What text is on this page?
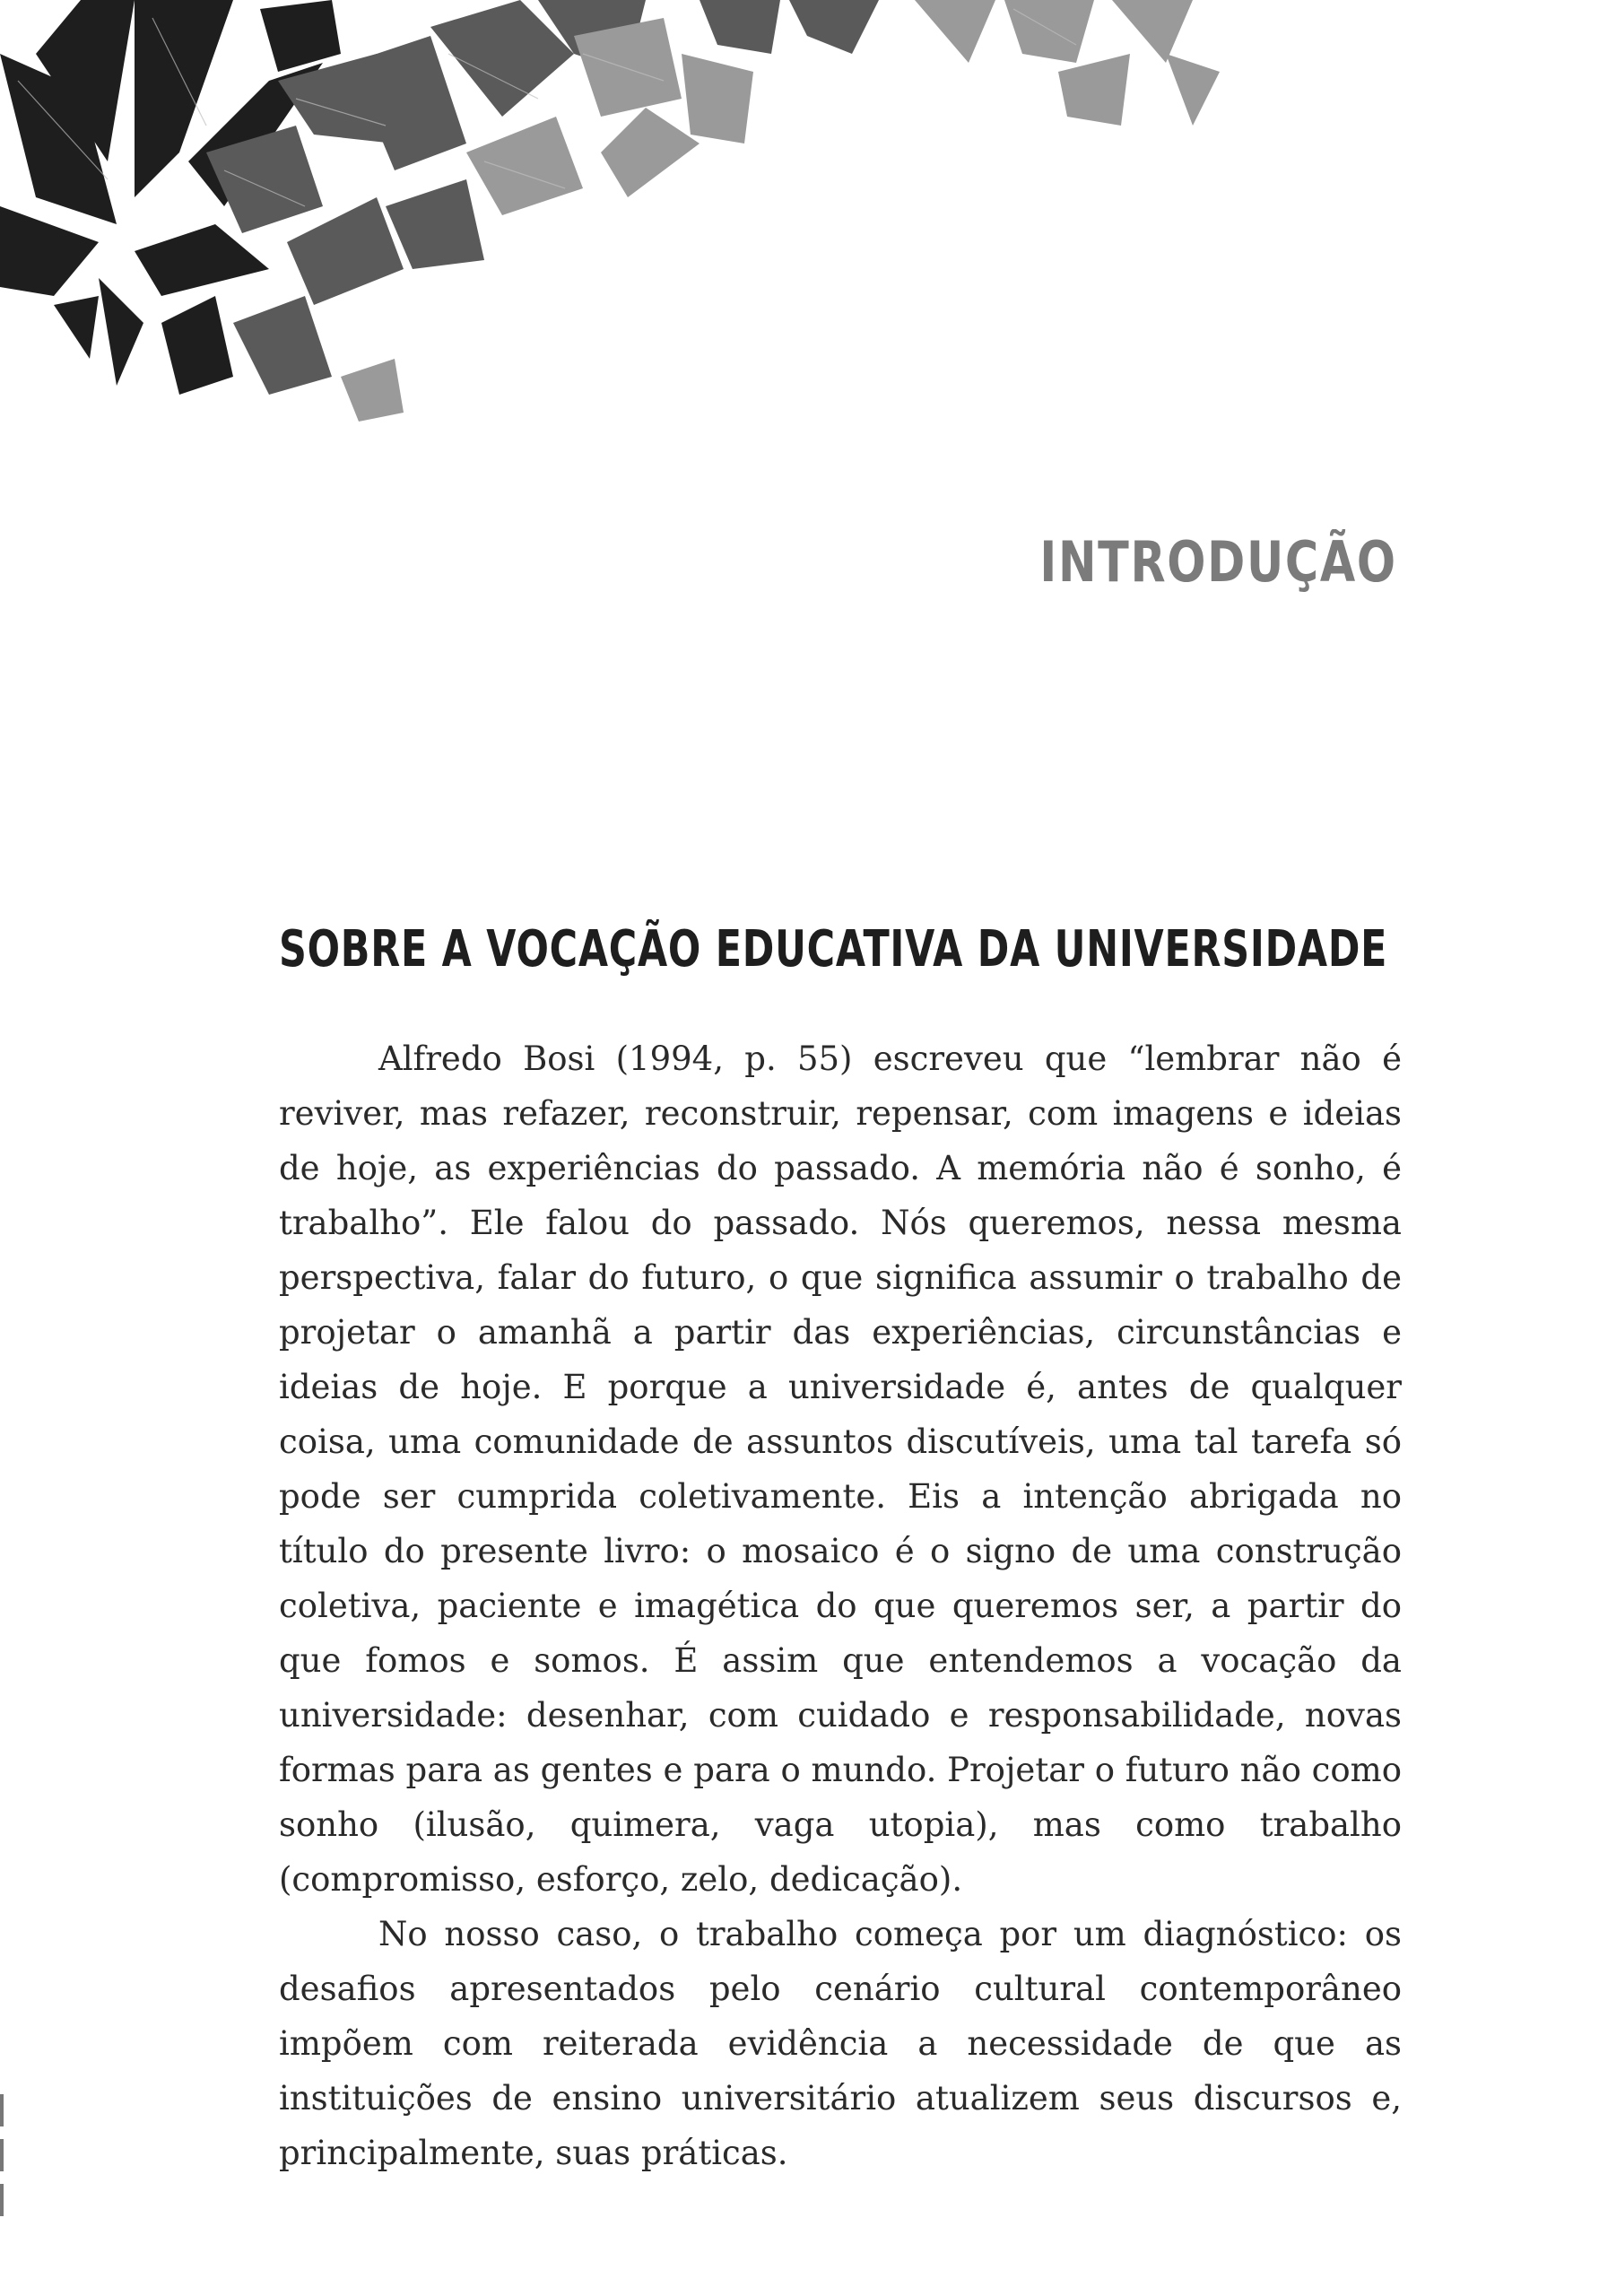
INTRODUÇÃO
SOBRE A VOCAÇÃO EDUCATIVA DA UNIVERSIDADE

Alfredo Bosi (1994, p. 55) escreveu que “lembrar não é reviver, mas refazer, reconstruir, repensar, com imagens e ideias de hoje, as experiências do passado. A memória não é sonho, é trabalho”. Ele falou do passado. Nós queremos, nessa mesma perspectiva, falar do futuro, o que significa assumir o trabalho de projetar o amanhã a partir das experiências, circunstâncias e ideias de hoje. E porque a universidade é, antes de qualquer coisa, uma comunidade de assuntos discutíveis, uma tal tarefa só pode ser cumprida coletivamente. Eis a intenção abrigada no título do presente livro: o mosaico é o signo de uma construção coletiva, paciente e imagética do que queremos ser, a partir do que fomos e somos. É assim que entendemos a vocação da universidade: desenhar, com cuidado e responsabilidade, novas formas para as gentes e para o mundo. Projetar o futuro não como sonho (ilusão, quimera, vaga utopia), mas como trabalho (compromisso, esforço, zelo, dedicação).

No nosso caso, o trabalho começa por um diagnóstico: os desafios apresentados pelo cenário cultural contemporâneo impõem com reiterada evidência a necessidade de que as instituições de ensino universitário atualizem seus discursos e, principalmente, suas práticas.
